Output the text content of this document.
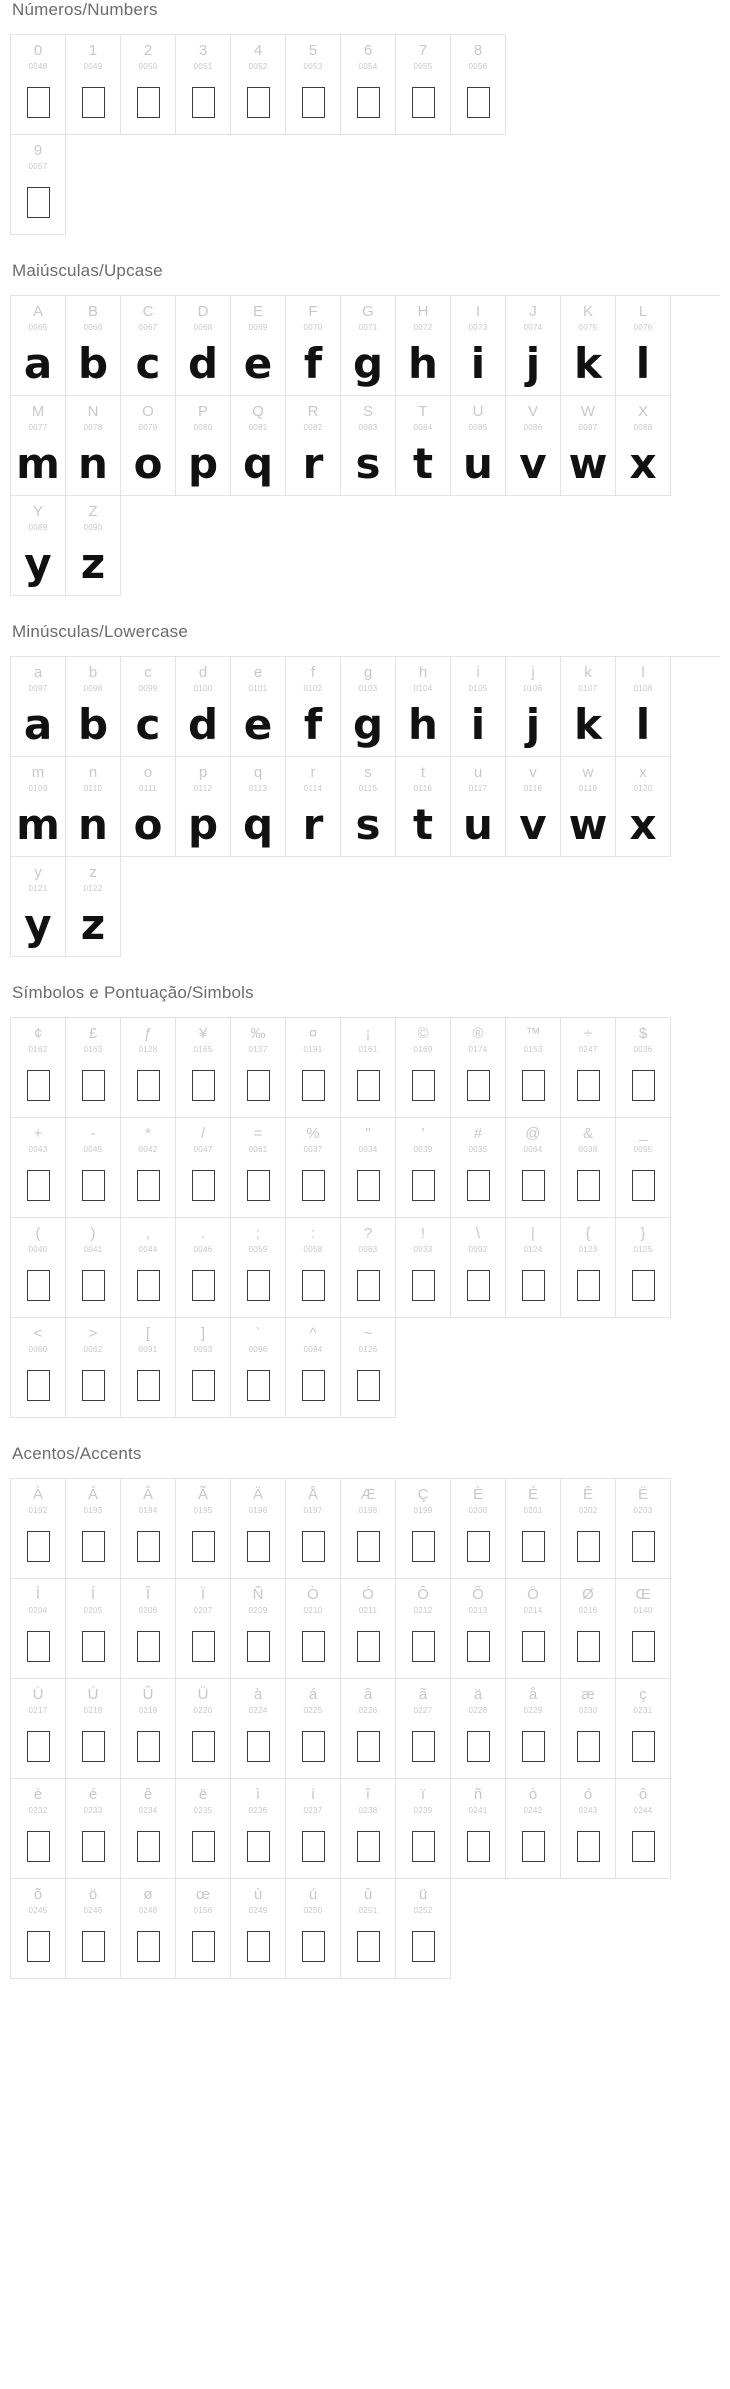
Números/Numbers
0
0048
1
0049
2
0050
3
0051
4
0052
5
0053
6
0054
7
0055
8
0056
9
0057
Maiúsculas/Upcase
A
0065
a
B
0066
b
C
0067
c
D
0068
d
E
0069
e
F
0070
f
G
0071
g
H
0072
h
I
0073
i
J
0074
j
K
0075
k
L
0076
l
M
0077
m
N
0078
n
O
0079
o
P
0080
p
Q
0081
q
R
0082
r
S
0083
s
T
0084
t
U
0085
u
V
0086
v
W
0087
w
X
0088
x
Y
0089
y
Z
0090
z
Minúsculas/Lowercase
a
0097
a
b
0098
b
c
0099
c
d
0100
d
e
0101
e
f
0102
f
g
0103
g
h
0104
h
i
0105
i
j
0106
j
k
0107
k
l
0108
l
m
0109
m
n
0110
n
o
0111
o
p
0112
p
q
0113
q
r
0114
r
s
0115
s
t
0116
t
u
0117
u
v
0118
v
w
0119
w
x
0120
x
y
0121
y
z
0122
z
Símbolos e Pontuação/Simbols
¢
0162
£
0163
ƒ
0128
¥
0165
‰
0137
¤
0191
¡
0161
©
0169
®
0174
™
0153
÷
0247
$
0036
+
0043
-
0045
*
0042
/
0047
=
0061
%
0037
"
0034
'
0039
#
0035
@
0064
&
0038
_
0095
(
0040
)
0041
,
0044
.
0046
;
0059
:
0058
?
0063
!
0033
\
0092
|
0124
{
0123
}
0125
<
0060
>
0062
[
0091
]
0093
`
0096
^
0094
~
0126
Acentos/Accents
À
0192
Á
0193
Â
0194
Ã
0195
Ä
0196
Å
0197
Æ
0198
Ç
0199
È
0200
É
0201
Ê
0202
Ë
0203
Ì
0204
Í
0205
Î
0206
Ï
0207
Ñ
0209
Ò
0210
Ó
0211
Ô
0212
Õ
0213
Ö
0214
Ø
0216
Œ
0140
Ù
0217
Ú
0218
Û
0219
Ü
0220
à
0224
á
0225
â
0226
ã
0227
ä
0228
å
0229
æ
0230
ç
0231
è
0232
é
0233
ê
0234
ë
0235
ì
0236
í
0237
î
0238
ï
0239
ñ
0241
ò
0242
ó
0243
ô
0244
õ
0245
ö
0246
ø
0248
œ
0156
ù
0249
ú
0250
û
0251
ü
0252
